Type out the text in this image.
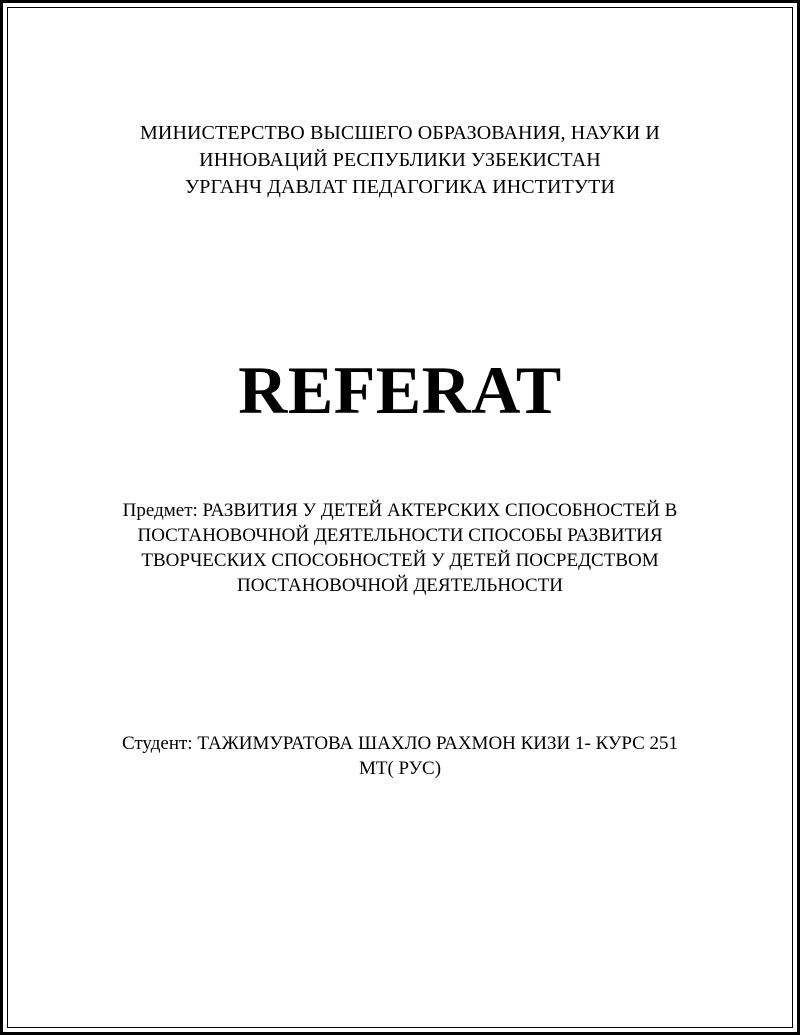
МИНИСТЕРСТВО ВЫСШЕГО ОБРАЗОВАНИЯ, НАУКИ И
ИННОВАЦИЙ РЕСПУБЛИКИ УЗБЕКИСТАН
УРГАНЧ ДАВЛАТ ПЕДАГОГИКА ИНСТИТУТИ
REFERAT
Предмет: РАЗВИТИЯ У ДЕТЕЙ АКТЕРСКИХ СПОСОБНОСТЕЙ В
ПОСТАНОВОЧНОЙ ДЕЯТЕЛЬНОСТИ СПОСОБЫ РАЗВИТИЯ
ТВОРЧЕСКИХ СПОСОБНОСТЕЙ У ДЕТЕЙ ПОСРЕДСТВОМ
ПОСТАНОВОЧНОЙ ДЕЯТЕЛЬНОСТИ
Студент: ТАЖИМУРАТОВА ШАХЛО РАХМОН КИЗИ 1- КУРС 251
МТ( РУС)
